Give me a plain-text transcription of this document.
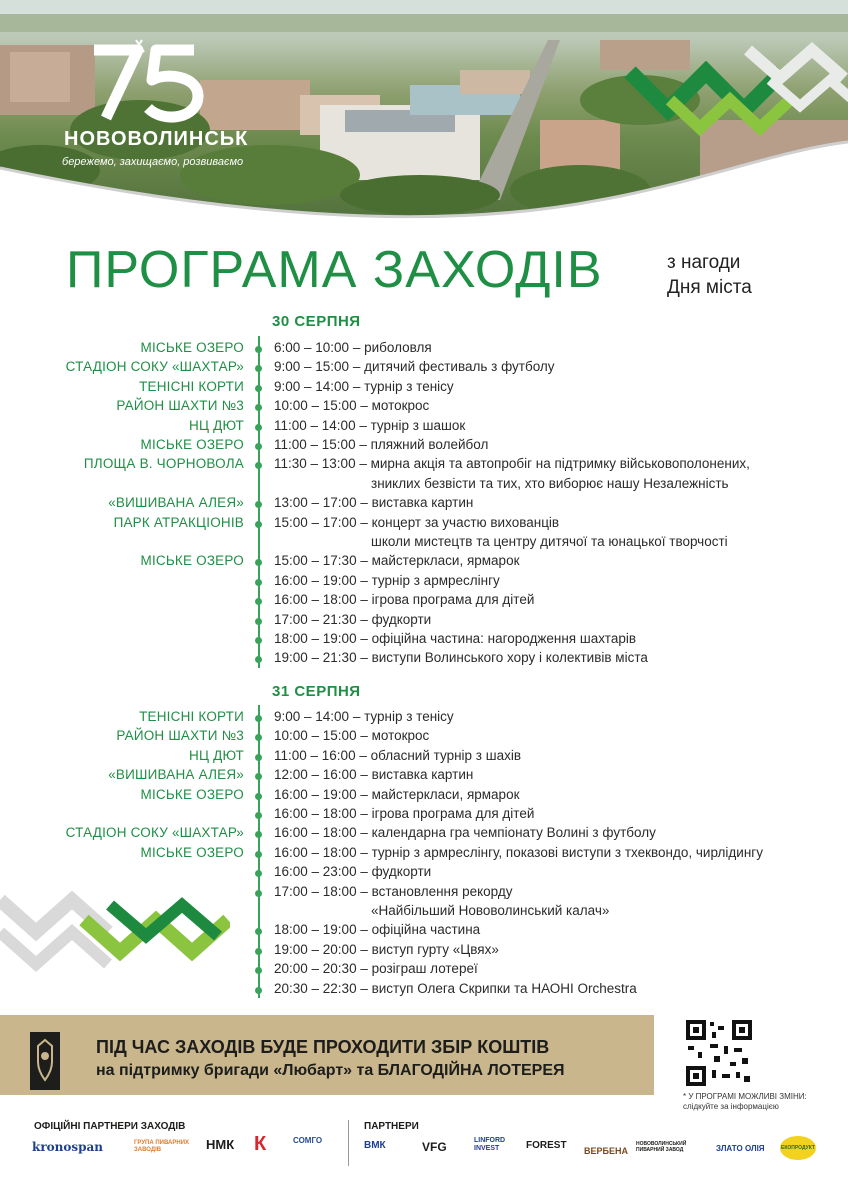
НОВОВОЛИНСЬК
бережемо, захищаємо, розвиваємо
ПРОГРАМА ЗАХОДІВ	з нагоди
Дня міста
30 СЕРПНЯ
МІСЬКЕ ОЗЕРО 6:00 – 10:00 – риболовля
СТАДІОН СОКУ «ШАХТАР» 9:00 – 15:00 – дитячий фестиваль з футболу
ТЕНІСНІ КОРТИ 9:00 – 14:00 – турнір з тенісу
РАЙОН ШАХТИ №3 10:00 – 15:00 – мотокрос
НЦ ДЮТ 11:00 – 14:00 – турнір з шашок
МІСЬКЕ ОЗЕРО 11:00 – 15:00 – пляжний волейбол
ПЛОЩА В. ЧОРНОВОЛА 11:30 – 13:00 – мирна акція та автопробіг на підтримку військовополонених,
зниклих безвісти та тих, хто виборює нашу Незалежність
«ВИШИВАНА АЛЕЯ» 13:00 – 17:00 – виставка картин
ПАРК АТРАКЦІОНІВ 15:00 – 17:00 – концерт за участю вихованців
школи мистецтв та центру дитячої та юнацької творчості
МІСЬКЕ ОЗЕРО 15:00 – 17:30 – майстеркласи, ярмарок
16:00 – 19:00 – турнір з армреслінгу
16:00 – 18:00 – ігрова програма для дітей
17:00 – 21:30 – фудкорти
18:00 – 19:00 – офіційна частина: нагородження шахтарів
19:00 – 21:30 – виступи Волинського хору і колективів міста
31 СЕРПНЯ
ТЕНІСНІ КОРТИ 9:00 – 14:00 – турнір з тенісу
РАЙОН ШАХТИ №3 10:00 – 15:00 – мотокрос
НЦ ДЮТ 11:00 – 16:00 – обласний турнір з шахів
«ВИШИВАНА АЛЕЯ» 12:00 – 16:00 – виставка картин
МІСЬКЕ ОЗЕРО 16:00 – 19:00 – майстеркласи, ярмарок
16:00 – 18:00 – ігрова програма для дітей
СТАДІОН СОКУ «ШАХТАР» 16:00 – 18:00 – календарна гра чемпіонату Волині з футболу
МІСЬКЕ ОЗЕРО 16:00 – 18:00 – турнір з армреслінгу, показові виступи з тхеквондо, чирлідингу
16:00 – 23:00 – фудкорти
17:00 – 18:00 – встановлення рекорду
«Найбільший Нововолинський калач»
18:00 – 19:00 – офіційна частина
19:00 – 20:00 – виступ гурту «Цвях»
20:00 – 20:30 – розіграш лотереї
20:30 – 22:30 – виступ Олега Скрипки та НАОНІ Orchestra
ПІД ЧАС ЗАХОДІВ БУДЕ ПРОХОДИТИ ЗБІР КОШТІВ
на підтримку бригади «Любарт» та БЛАГОДІЙНА ЛОТЕРЕЯ
* У ПРОГРАМІ МОЖЛИВІ ЗМІНИ:
слідкуйте за інформацією
ОФІЦІЙНІ ПАРТНЕРИ ЗАХОДІВ	ПАРТНЕРИ
kronospan	ГРУПА ПИВАРНИХ ЗАВОДІВ	НМК К	СОМГО	ВМК	VFG	LINFORD INVEST	FOREST ВЕРБЕНА
НОВОВОЛИНСЬКИЙ ПИВАРНИЙ ЗАВОД	ЗЛАТО ОЛІЯ	ЕКОПРОДУКТ
